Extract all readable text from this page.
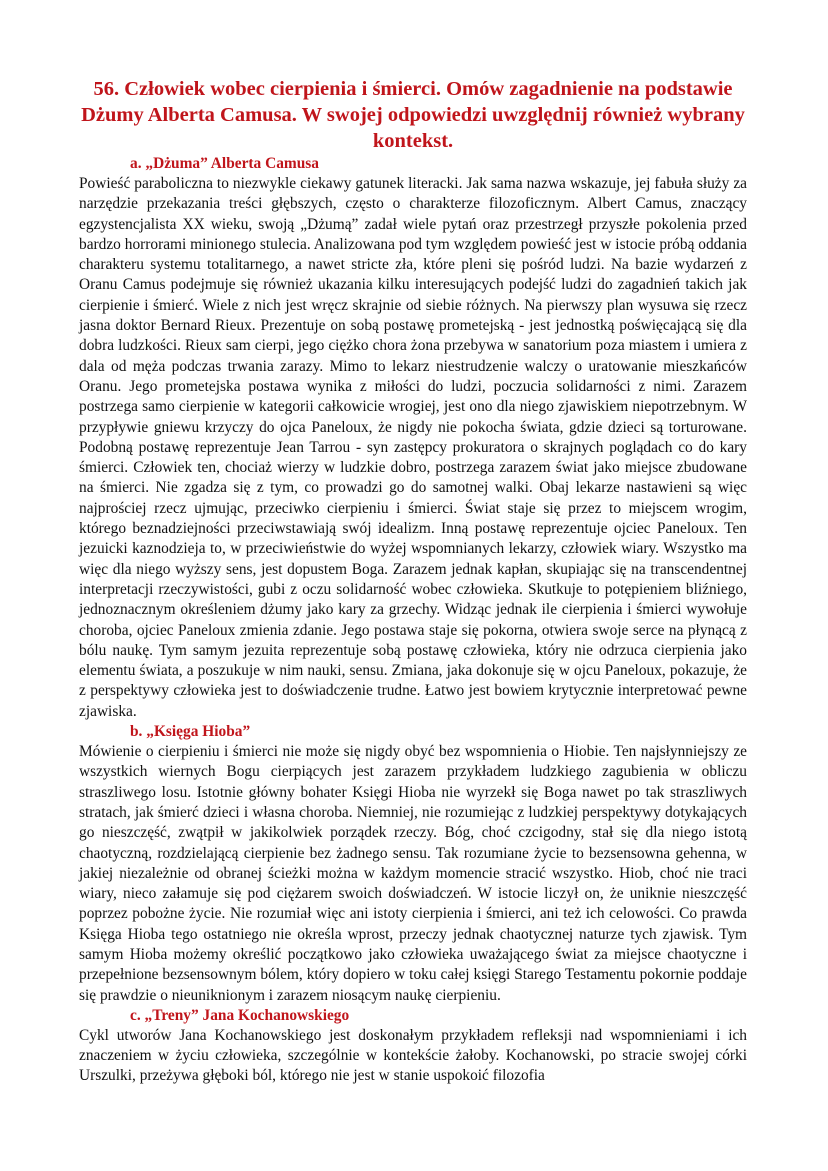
56. Człowiek wobec cierpienia i śmierci. Omów zagadnienie na podstawie Dżumy Alberta Camusa. W swojej odpowiedzi uwzględnij również wybrany kontekst.
a. „Dżuma” Alberta Camusa

Powieść paraboliczna to niezwykle ciekawy gatunek literacki. Jak sama nazwa wskazuje, jej fabuła służy za narzędzie przekazania treści głębszych, często o charakterze filozoficznym. Albert Camus, znaczący egzystencjalista XX wieku, swoją „Dżumą” zadał wiele pytań oraz przestrzegł przyszłe pokolenia przed bardzo horrorami minionego stulecia. Analizowana pod tym względem powieść jest w istocie próbą oddania charakteru systemu totalitarnego, a nawet stricte zła, które pleni się pośród ludzi. Na bazie wydarzeń z Oranu Camus podejmuje się również ukazania kilku interesujących podejść ludzi do zagadnień takich jak cierpienie i śmierć. Wiele z nich jest wręcz skrajnie od siebie różnych. Na pierwszy plan wysuwa się rzecz jasna doktor Bernard Rieux. Prezentuje on sobą postawę prometejską - jest jednostką poświęcającą się dla dobra ludzkości. Rieux sam cierpi, jego ciężko chora żona przebywa w sanatorium poza miastem i umiera z dala od męża podczas trwania zarazy. Mimo to lekarz niestrudzenie walczy o uratowanie mieszkańców Oranu. Jego prometejska postawa wynika z miłości do ludzi, poczucia solidarności z nimi. Zarazem postrzega samo cierpienie w kategorii całkowicie wrogiej, jest ono dla niego zjawiskiem niepotrzebnym. W przypływie gniewu krzyczy do ojca Paneloux, że nigdy nie pokocha świata, gdzie dzieci są torturowane. Podobną postawę reprezentuje Jean Tarrou - syn zastępcy prokuratora o skrajnych poglądach co do kary śmierci. Człowiek ten, chociaż wierzy w ludzkie dobro, postrzega zarazem świat jako miejsce zbudowane na śmierci. Nie zgadza się z tym, co prowadzi go do samotnej walki. Obaj lekarze nastawieni są więc najprościej rzecz ujmując, przeciwko cierpieniu i śmierci. Świat staje się przez to miejscem wrogim, którego beznadziejności przeciwstawiają swój idealizm. Inną postawę reprezentuje ojciec Paneloux. Ten jezuicki kaznodzieja to, w przeciwieństwie do wyżej wspomnianych lekarzy, człowiek wiary. Wszystko ma więc dla niego wyższy sens, jest dopustem Boga. Zarazem jednak kapłan, skupiając się na transcendentnej interpretacji rzeczywistości, gubi z oczu solidarność wobec człowieka. Skutkuje to potępieniem bliźniego, jednoznacznym określeniem dżumy jako kary za grzechy. Widząc jednak ile cierpienia i śmierci wywołuje choroba, ojciec Paneloux zmienia zdanie. Jego postawa staje się pokorna, otwiera swoje serce na płynącą z bólu naukę. Tym samym jezuita reprezentuje sobą postawę człowieka, który nie odrzuca cierpienia jako elementu świata, a poszukuje w nim nauki, sensu. Zmiana, jaka dokonuje się w ojcu Paneloux, pokazuje, że z perspektywy człowieka jest to doświadczenie trudne. Łatwo jest bowiem krytycznie interpretować pewne zjawiska.

b. „Księga Hioba”

Mówienie o cierpieniu i śmierci nie może się nigdy obyć bez wspomnienia o Hiobie. Ten najsłynniejszy ze wszystkich wiernych Bogu cierpiących jest zarazem przykładem ludzkiego zagubienia w obliczu straszliwego losu. Istotnie główny bohater Księgi Hioba nie wyrzekł się Boga nawet po tak straszliwych stratach, jak śmierć dzieci i własna choroba. Niemniej, nie rozumiejąc z ludzkiej perspektywy dotykających go nieszczęść, zwątpił w jakikolwiek porządek rzeczy. Bóg, choć czcigodny, stał się dla niego istotą chaotyczną, rozdzielającą cierpienie bez żadnego sensu. Tak rozumiane życie to bezsensowna gehenna, w jakiej niezależnie od obranej ścieżki można w każdym momencie stracić wszystko. Hiob, choć nie traci wiary, nieco załamuje się pod ciężarem swoich doświadczeń. W istocie liczył on, że uniknie nieszczęść poprzez pobożne życie. Nie rozumiał więc ani istoty cierpienia i śmierci, ani też ich celowości. Co prawda Księga Hioba tego ostatniego nie określa wprost, przeczy jednak chaotycznej naturze tych zjawisk. Tym samym Hioba możemy określić początkowo jako człowieka uważającego świat za miejsce chaotyczne i przepełnione bezsensownym bólem, który dopiero w toku całej księgi Starego Testamentu pokornie poddaje się prawdzie o nieuniknionym i zarazem niosącym naukę cierpieniu.

c. „Treny” Jana Kochanowskiego

Cykl utworów Jana Kochanowskiego jest doskonałym przykładem refleksji nad wspomnieniami i ich znaczeniem w życiu człowieka, szczególnie w kontekście żałoby. Kochanowski, po stracie swojej córki Urszulki, przeżywa głęboki ból, którego nie jest w stanie uspokoić filozofia
